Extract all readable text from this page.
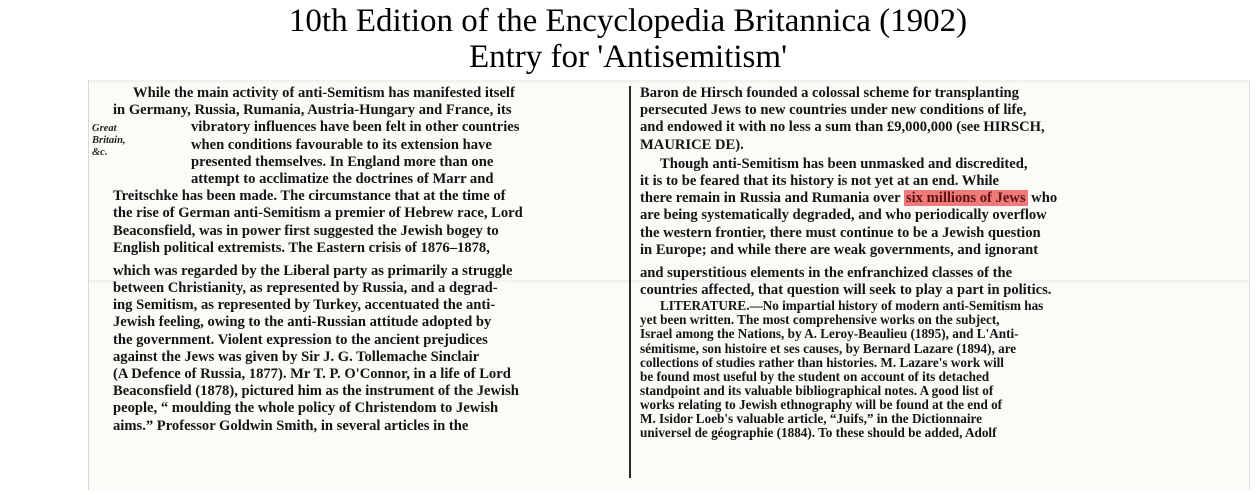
10th Edition of the Encyclopedia Britannica (1902)
Entry for 'Antisemitism'
Great
Britain,
&c.
While the main activity of anti-Semitism has manifested itself
in Germany, Russia, Rumania, Austria-Hungary and France, its
vibratory influences have been felt in other countries
when conditions favourable to its extension have
presented themselves. In England more than one
attempt to acclimatize the doctrines of Marr and
Treitschke has been made. The circumstance that at the time of
the rise of German anti-Semitism a premier of Hebrew race, Lord
Beaconsfield, was in power first suggested the Jewish bogey to
English political extremists. The Eastern crisis of 1876–1878,
which was regarded by the Liberal party as primarily a struggle
between Christianity, as represented by Russia, and a degrad-
ing Semitism, as represented by Turkey, accentuated the anti-
Jewish feeling, owing to the anti-Russian attitude adopted by
the government. Violent expression to the ancient prejudices
against the Jews was given by Sir J. G. Tollemache Sinclair
(A Defence of Russia, 1877). Mr T. P. O'Connor, in a life of Lord
Beaconsfield (1878), pictured him as the instrument of the Jewish
people, “ moulding the whole policy of Christendom to Jewish
aims.” Professor Goldwin Smith, in several articles in the
Baron de Hirsch founded a colossal scheme for transplanting
persecuted Jews to new countries under new conditions of life,
and endowed it with no less a sum than £9,000,000 (see HIRSCH,
MAURICE DE).
Though anti-Semitism has been unmasked and discredited,
it is to be feared that its history is not yet at an end. While
there remain in Russia and Rumania over six millions of Jews who
are being systematically degraded, and who periodically overflow
the western frontier, there must continue to be a Jewish question
in Europe; and while there are weak governments, and ignorant
and superstitious elements in the enfranchized classes of the
countries affected, that question will seek to play a part in politics.
LITERATURE.—No impartial history of modern anti-Semitism has
yet been written. The most comprehensive works on the subject,
Israel among the Nations, by A. Leroy-Beaulieu (1895), and L'Anti-
sémitisme, son histoire et ses causes, by Bernard Lazare (1894), are
collections of studies rather than histories. M. Lazare's work will
be found most useful by the student on account of its detached
standpoint and its valuable bibliographical notes. A good list of
works relating to Jewish ethnography will be found at the end of
M. Isidor Loeb's valuable article, “Juifs,” in the Dictionnaire
universel de géographie (1884). To these should be added, Adolf
